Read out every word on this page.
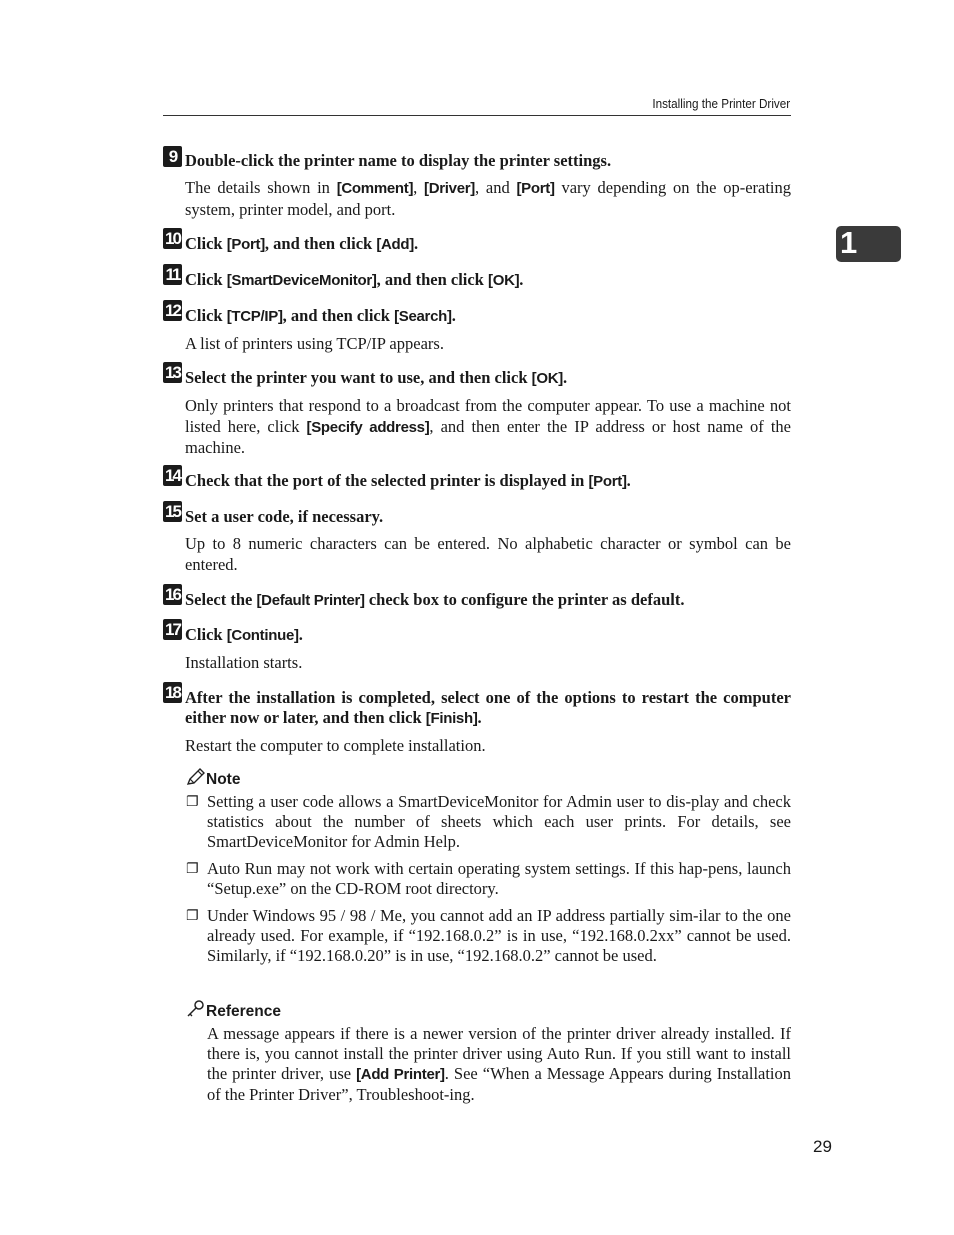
Installing the Printer Driver
1
9 Double-click the printer name to display the printer settings.
The details shown in [Comment], [Driver], and [Port] vary depending on the op-erating system, printer model, and port.
10 Click [Port], and then click [Add].
11 Click [SmartDeviceMonitor], and then click [OK].
12 Click [TCP/IP], and then click [Search].
A list of printers using TCP/IP appears.
13 Select the printer you want to use, and then click [OK].
Only printers that respond to a broadcast from the computer appear. To use a machine not listed here, click [Specify address], and then enter the IP address or host name of the machine.
14 Check that the port of the selected printer is displayed in [Port].
15 Set a user code, if necessary.
Up to 8 numeric characters can be entered. No alphabetic character or symbol can be entered.
16 Select the [Default Printer] check box to configure the printer as default.
17 Click [Continue].
Installation starts.
18 After the installation is completed, select one of the options to restart the computer either now or later, and then click [Finish].
Restart the computer to complete installation.
Note
❐ Setting a user code allows a SmartDeviceMonitor for Admin user to dis-play and check statistics about the number of sheets which each user prints. For details, see SmartDeviceMonitor for Admin Help.
❐ Auto Run may not work with certain operating system settings. If this hap-pens, launch “Setup.exe” on the CD-ROM root directory.
❐ Under Windows 95 / 98 / Me, you cannot add an IP address partially sim-ilar to the one already used. For example, if “192.168.0.2” is in use, “192.168.0.2xx” cannot be used. Similarly, if “192.168.0.20” is in use, “192.168.0.2” cannot be used.
Reference
A message appears if there is a newer version of the printer driver already installed. If there is, you cannot install the printer driver using Auto Run. If you still want to install the printer driver, use [Add Printer]. See “When a Message Appears during Installation of the Printer Driver”, Troubleshoot-ing.
29
